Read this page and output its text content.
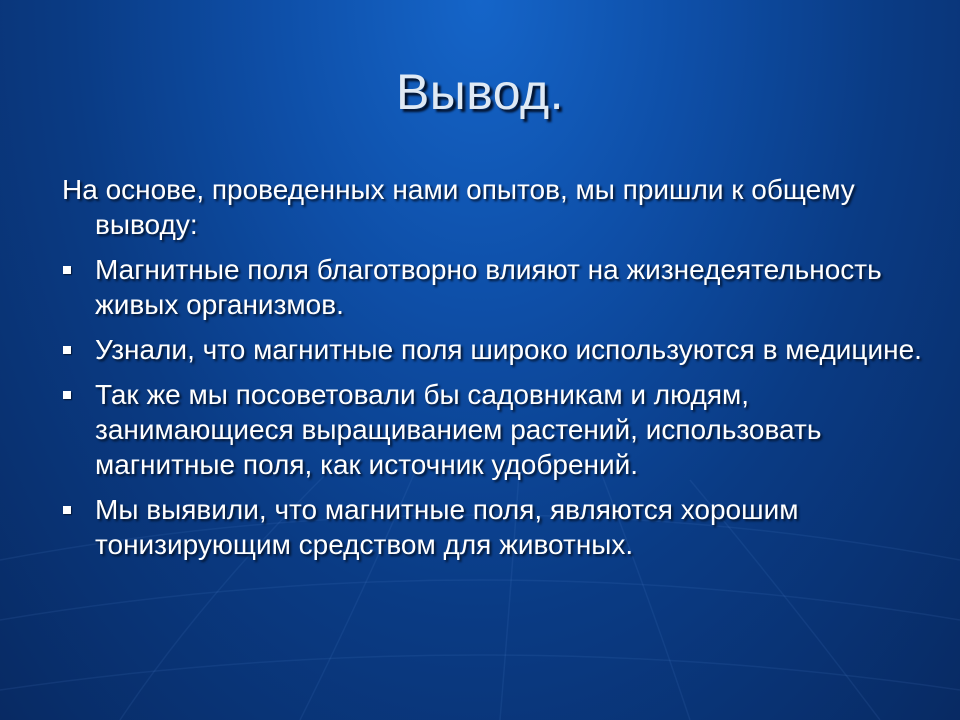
Вывод.

На основе, проведенных нами опытов, мы пришли к общему выводу:

Магнитные поля благотворно влияют на жизнедеятельность живых организмов.
Узнали, что магнитные поля широко используются в медицине.
Так же мы посоветовали бы садовникам и людям, занимающиеся выращиванием растений, использовать магнитные поля, как источник удобрений.
Мы выявили, что магнитные поля, являются хорошим тонизирующим средством для животных.
